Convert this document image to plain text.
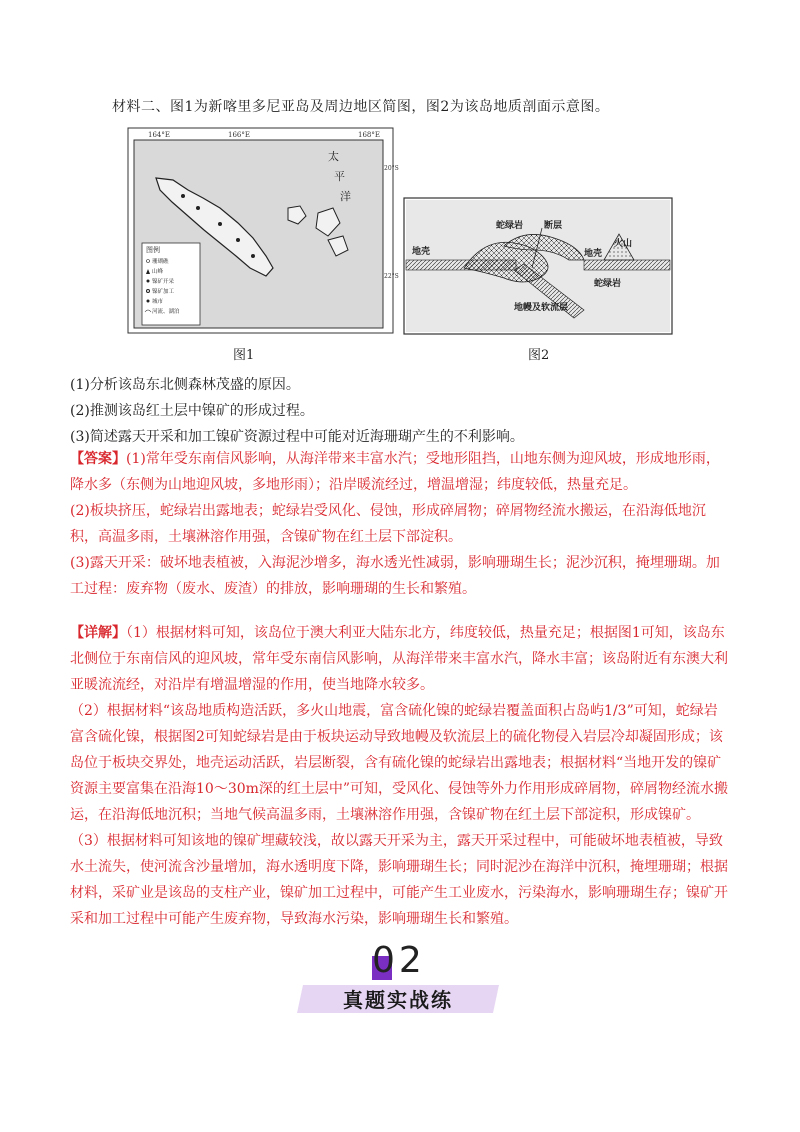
材料二、图1为新喀里多尼亚岛及周边地区简图，图2为该岛地质剖面示意图。
164°E	166°E	168°E
20°S
22°S
太
平
洋
图例
珊瑚礁
山峰
镍矿开采
镍矿加工
城市
河流、湖泊
图1
蛇绿岩 断层
地壳
火山
地壳
蛇绿岩
地幔及软流层
图2
(1)分析该岛东北侧森林茂盛的原因。
(2)推测该岛红土层中镍矿的形成过程。
(3)简述露天开采和加工镍矿资源过程中可能对近海珊瑚产生的不利影响。

【答案】(1)常年受东南信风影响，从海洋带来丰富水汽；受地形阻挡，山地东侧为迎风坡，形成地形雨，降水多（东侧为山地迎风坡，多地形雨）；沿岸暖流经过，增温增湿；纬度较低，热量充足。

(2)板块挤压，蛇绿岩出露地表；蛇绿岩受风化、侵蚀，形成碎屑物；碎屑物经流水搬运，在沿海低地沉积，高温多雨，土壤淋溶作用强，含镍矿物在红土层下部淀积。

(3)露天开采：破坏地表植被，入海泥沙增多，海水透光性减弱，影响珊瑚生长；泥沙沉积，掩埋珊瑚。加工过程：废弃物（废水、废渣）的排放，影响珊瑚的生长和繁殖。

【详解】（1）根据材料可知，该岛位于澳大利亚大陆东北方，纬度较低，热量充足；根据图1可知，该岛东北侧位于东南信风的迎风坡，常年受东南信风影响，从海洋带来丰富水汽，降水丰富；该岛附近有东澳大利亚暖流流经，对沿岸有增温增湿的作用，使当地降水较多。

（2）根据材料“该岛地质构造活跃，多火山地震，富含硫化镍的蛇绿岩覆盖面积占岛屿1/3”可知，蛇绿岩富含硫化镍，根据图2可知蛇绿岩是由于板块运动导致地幔及软流层上的硫化物侵入岩层冷却凝固形成；该岛位于板块交界处，地壳运动活跃，岩层断裂，含有硫化镍的蛇绿岩出露地表；根据材料“当地开发的镍矿资源主要富集在沿海10～30m深的红土层中”可知，受风化、侵蚀等外力作用形成碎屑物，碎屑物经流水搬运，在沿海低地沉积；当地气候高温多雨，土壤淋溶作用强，含镍矿物在红土层下部淀积，形成镍矿。

（3）根据材料可知该地的镍矿埋藏较浅，故以露天开采为主，露天开采过程中，可能破坏地表植被，导致水土流失，使河流含沙量增加，海水透明度下降，影响珊瑚生长；同时泥沙在海洋中沉积，掩埋珊瑚；根据材料，采矿业是该岛的支柱产业，镍矿加工过程中，可能产生工业废水，污染海水，影响珊瑚生存；镍矿开采和加工过程中可能产生废弃物，导致海水污染，影响珊瑚生长和繁殖。

02
真题实战练
